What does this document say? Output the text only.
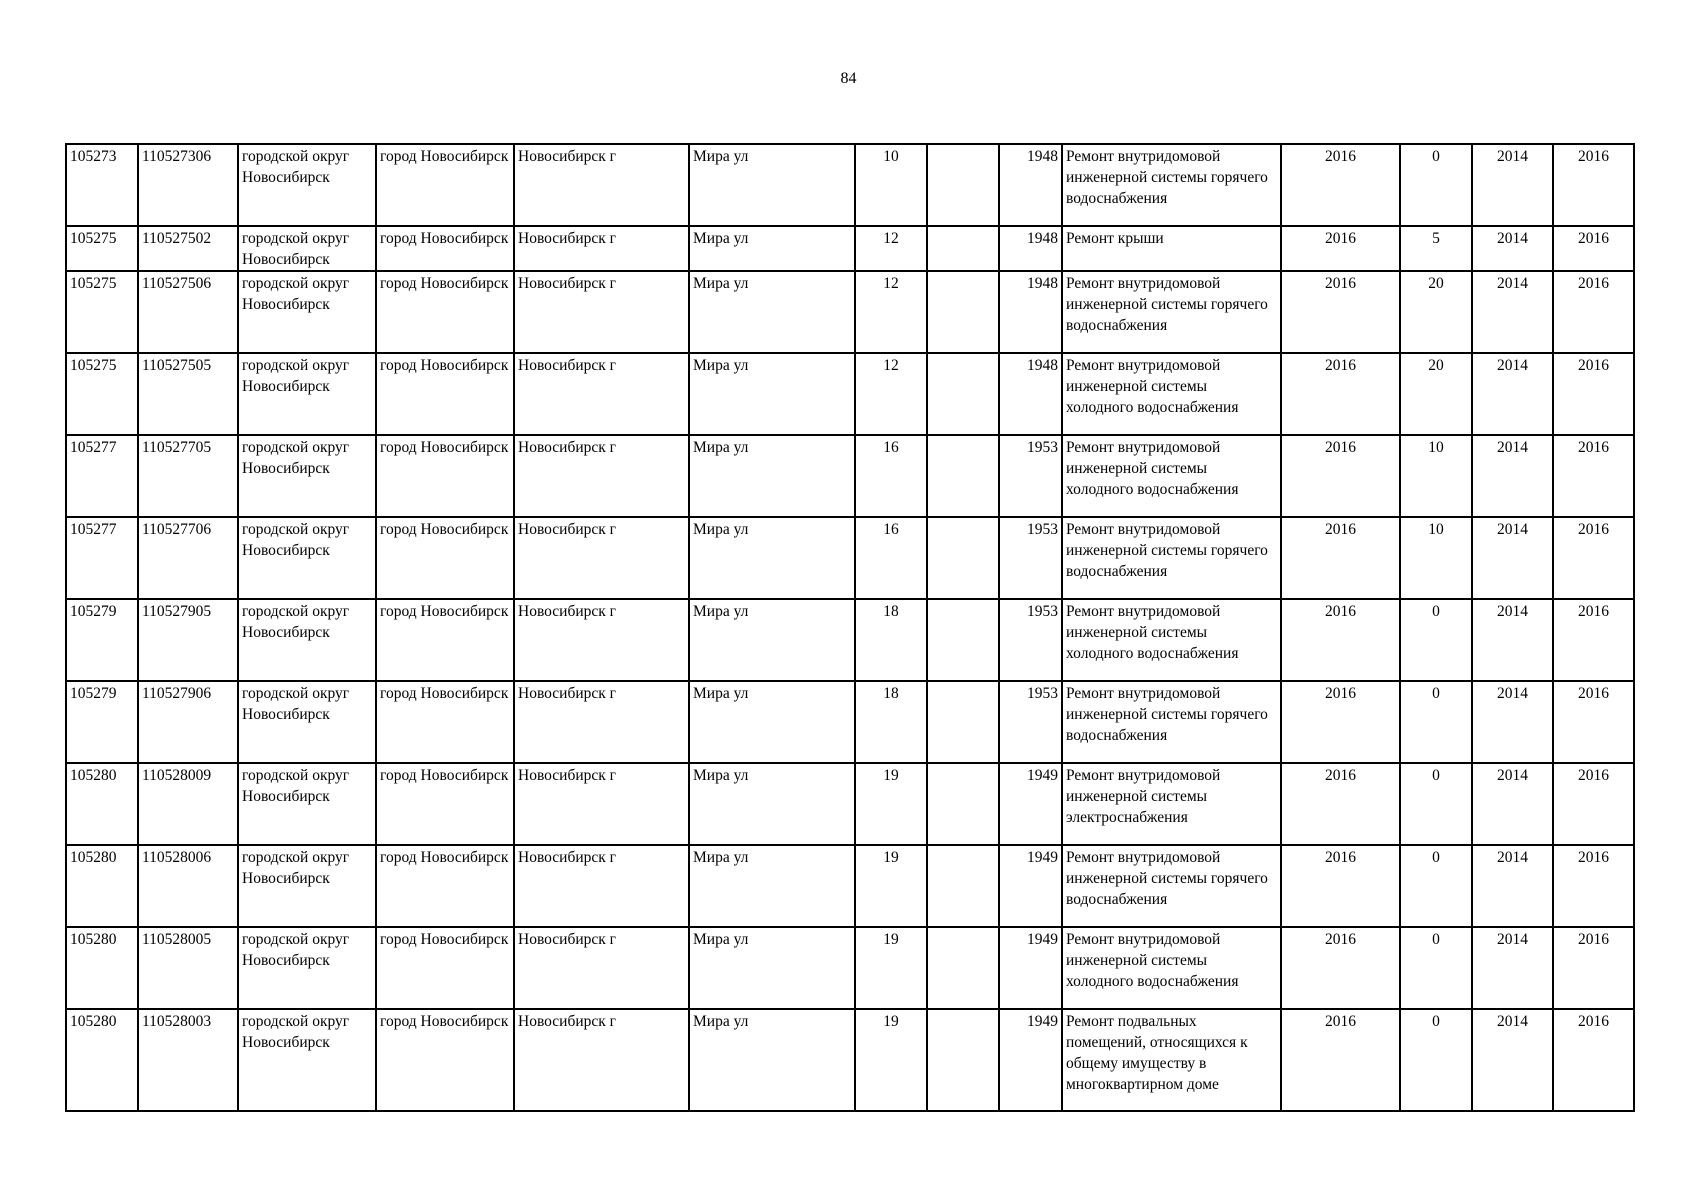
84
105273	110527306	городской округ Новосибирск	город Новосибирск	Новосибирск г	Мира ул	10		1948	Ремонт внутридомовой инженерной системы горячего водоснабжения	2016	0	2014	2016
105275	110527502	городской округ Новосибирск	город Новосибирск	Новосибирск г	Мира ул	12		1948	Ремонт крыши	2016	5	2014	2016
105275	110527506	городской округ Новосибирск	город Новосибирск	Новосибирск г	Мира ул	12		1948	Ремонт внутридомовой инженерной системы горячего водоснабжения	2016	20	2014	2016
105275	110527505	городской округ Новосибирск	город Новосибирск	Новосибирск г	Мира ул	12		1948	Ремонт внутридомовой инженерной системы холодного водоснабжения	2016	20	2014	2016
105277	110527705	городской округ Новосибирск	город Новосибирск	Новосибирск г	Мира ул	16		1953	Ремонт внутридомовой инженерной системы холодного водоснабжения	2016	10	2014	2016
105277	110527706	городской округ Новосибирск	город Новосибирск	Новосибирск г	Мира ул	16		1953	Ремонт внутридомовой инженерной системы горячего водоснабжения	2016	10	2014	2016
105279	110527905	городской округ Новосибирск	город Новосибирск	Новосибирск г	Мира ул	18		1953	Ремонт внутридомовой инженерной системы холодного водоснабжения	2016	0	2014	2016
105279	110527906	городской округ Новосибирск	город Новосибирск	Новосибирск г	Мира ул	18		1953	Ремонт внутридомовой инженерной системы горячего водоснабжения	2016	0	2014	2016
105280	110528009	городской округ Новосибирск	город Новосибирск	Новосибирск г	Мира ул	19		1949	Ремонт внутридомовой инженерной системы электроснабжения	2016	0	2014	2016
105280	110528006	городской округ Новосибирск	город Новосибирск	Новосибирск г	Мира ул	19		1949	Ремонт внутридомовой инженерной системы горячего водоснабжения	2016	0	2014	2016
105280	110528005	городской округ Новосибирск	город Новосибирск	Новосибирск г	Мира ул	19		1949	Ремонт внутридомовой инженерной системы холодного водоснабжения	2016	0	2014	2016
105280	110528003	городской округ Новосибирск	город Новосибирск	Новосибирск г	Мира ул	19		1949	Ремонт подвальных помещений, относящихся к общему имуществу в многоквартирном доме	2016	0	2014	2016
